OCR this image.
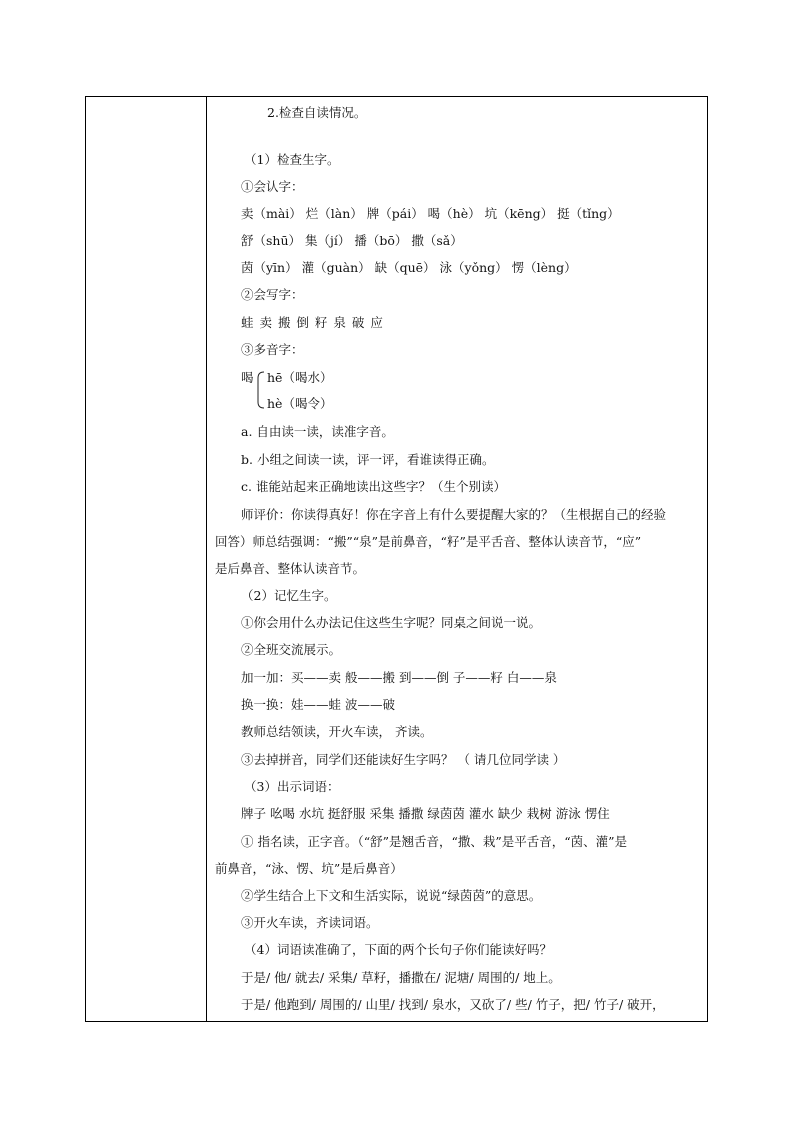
2.检查自读情况。
（1）检查生字。
①会认字：
卖（mài） 烂（làn） 牌（pái） 喝（hè） 坑（kēng） 挺（tǐng）
舒（shū） 集（jí） 播（bō） 撒（sǎ）
茵（yīn） 灌（guàn） 缺（quē） 泳（yǒng） 愣（lèng）
②会写字：
蛙 卖 搬 倒 籽 泉 破 应
③多音字：
喝 hē（喝水）
hè（喝令）
a. 自由读一读，读准字音。
b. 小组之间读一读，评一评，看谁读得正确。
c. 谁能站起来正确地读出这些字？（生个别读）
师评价：你读得真好！你在字音上有什么要提醒大家的？（生根据自己的经验
回答）师总结强调：“搬”“泉”是前鼻音，“籽”是平舌音、整体认读音节，“应”
是后鼻音、整体认读音节。
（2）记忆生字。
①你会用什么办法记住这些生字呢？同桌之间说一说。
②全班交流展示。
加一加：买——卖 般——搬 到——倒 子——籽 白——泉
换一换：娃——蛙 波——破
教师总结领读，开火车读， 齐读。
③去掉拼音，同学们还能读好生字吗？ （ 请几位同学读 ）
（3）出示词语：
牌子 吆喝 水坑 挺舒服 采集 播撒 绿茵茵 灌水 缺少 栽树 游泳 愣住
① 指名读，正字音。（“舒”是翘舌音，“撒、栽”是平舌音，“茵、灌”是
前鼻音，“泳、愣、坑”是后鼻音）
②学生结合上下文和生活实际，说说“绿茵茵”的意思。
③开火车读，齐读词语。
（4）词语读准确了，下面的两个长句子你们能读好吗？
于是/ 他/ 就去/ 采集/ 草籽，播撒在/ 泥塘/ 周围的/ 地上。
于是/ 他跑到/ 周围的/ 山里/ 找到/ 泉水，又砍了/ 些/ 竹子，把/ 竹子/ 破开，
